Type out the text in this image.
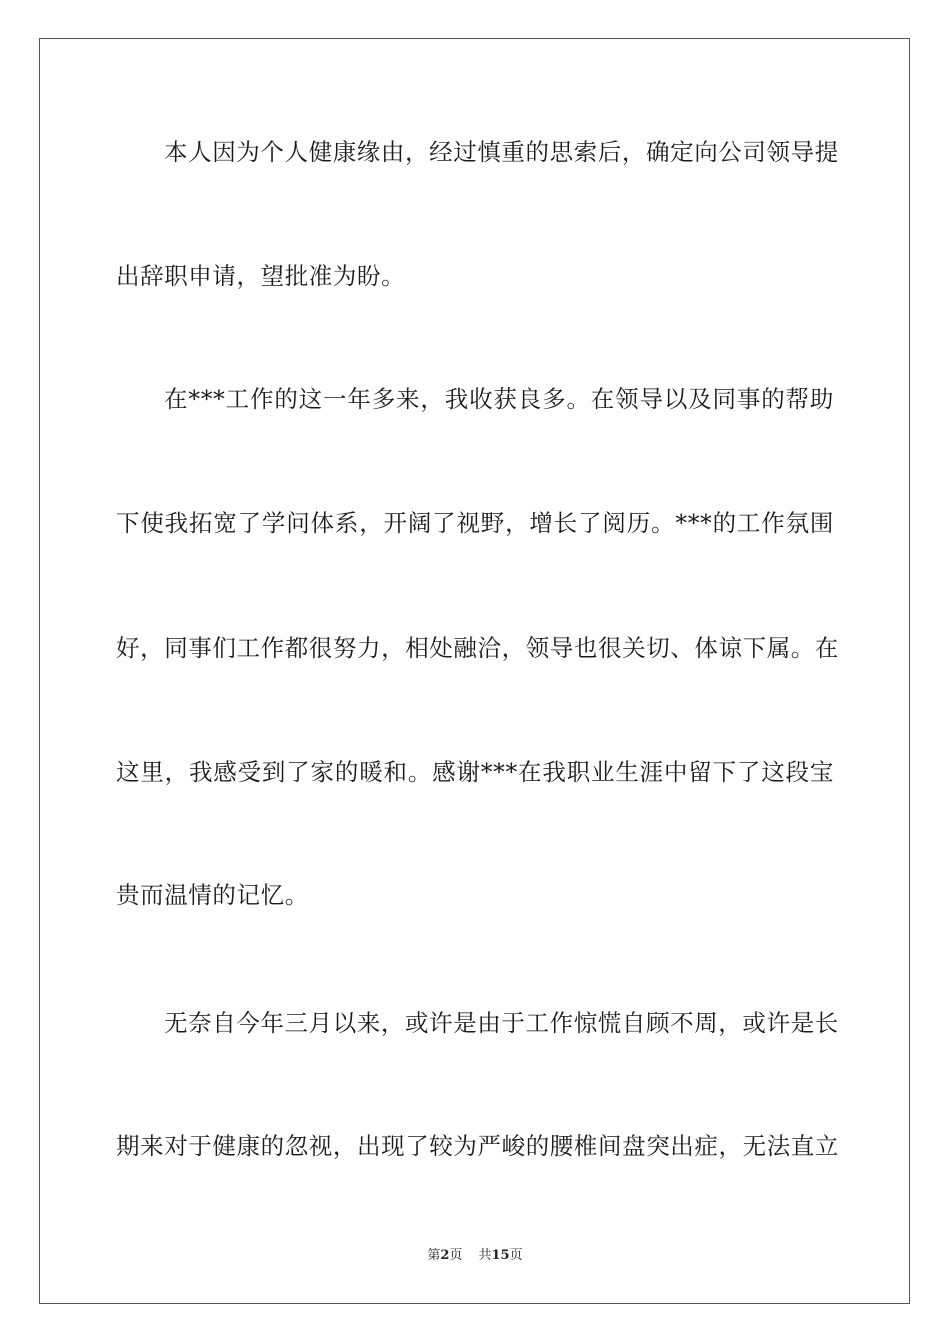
本人因为个人健康缘由，经过慎重的思索后，确定向公司领导提
出辞职申请，望批准为盼。
在***工作的这一年多来，我收获良多。在领导以及同事的帮助
下使我拓宽了学问体系，开阔了视野，增长了阅历。***的工作氛围
好，同事们工作都很努力，相处融洽，领导也很关切、体谅下属。在
这里，我感受到了家的暖和。感谢***在我职业生涯中留下了这段宝
贵而温情的记忆。
无奈自今年三月以来，或许是由于工作惊慌自顾不周，或许是长
期来对于健康的忽视，出现了较为严峻的腰椎间盘突出症，无法直立
第2页 共15页
